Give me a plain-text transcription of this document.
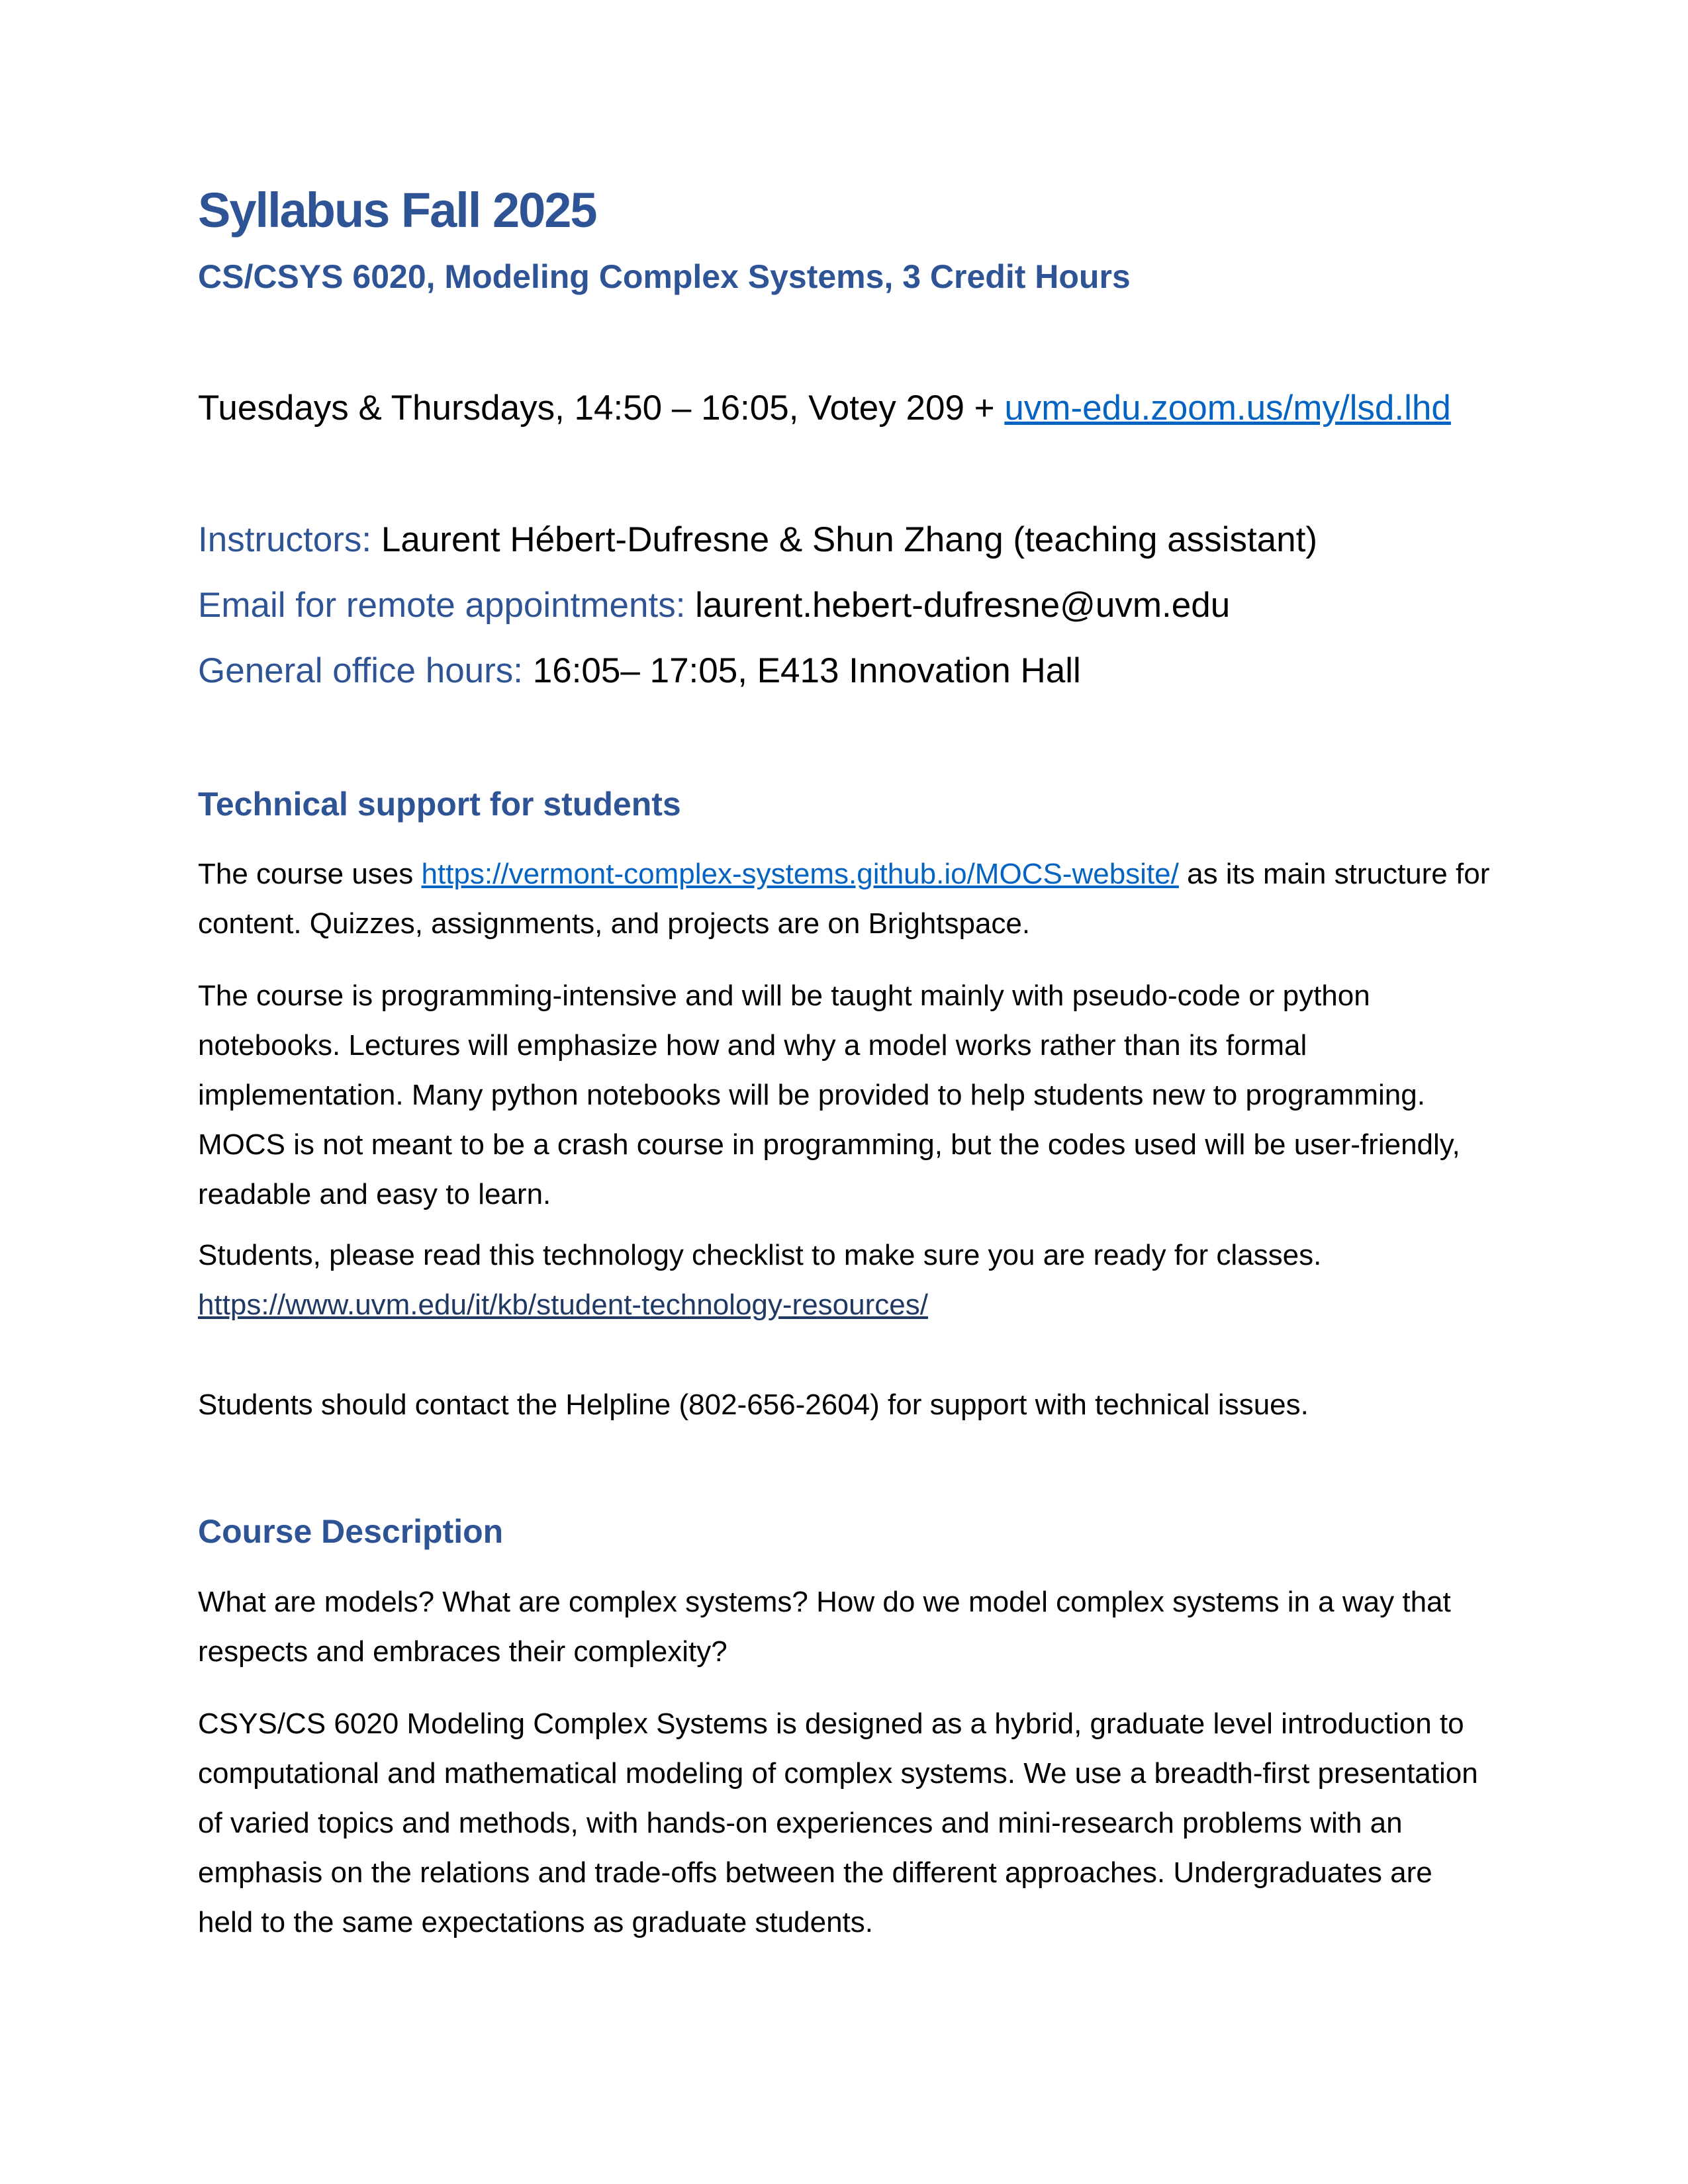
Syllabus Fall 2025
CS/CSYS 6020, Modeling Complex Systems, 3 Credit Hours
Tuesdays & Thursdays, 14:50 – 16:05, Votey 209 + uvm-edu.zoom.us/my/lsd.lhd
Instructors: Laurent Hébert-Dufresne & Shun Zhang (teaching assistant)
Email for remote appointments: laurent.hebert-dufresne@uvm.edu
General office hours: 16:05– 17:05, E413 Innovation Hall
Technical support for students

The course uses https://vermont-complex-systems.github.io/MOCS-website/ as its main structure for content. Quizzes, assignments, and projects are on Brightspace.

The course is programming-intensive and will be taught mainly with pseudo-code or python notebooks. Lectures will emphasize how and why a model works rather than its formal implementation. Many python notebooks will be provided to help students new to programming. MOCS is not meant to be a crash course in programming, but the codes used will be user-friendly, readable and easy to learn.

Students, please read this technology checklist to make sure you are ready for classes.
https://www.uvm.edu/it/kb/student-technology-resources/

Students should contact the Helpline (802-656-2604) for support with technical issues.

Course Description

What are models? What are complex systems? How do we model complex systems in a way that respects and embraces their complexity?

CSYS/CS 6020 Modeling Complex Systems is designed as a hybrid, graduate level introduction to computational and mathematical modeling of complex systems. We use a breadth-first presentation of varied topics and methods, with hands-on experiences and mini-research problems with an emphasis on the relations and trade-offs between the different approaches. Undergraduates are held to the same expectations as graduate students.
